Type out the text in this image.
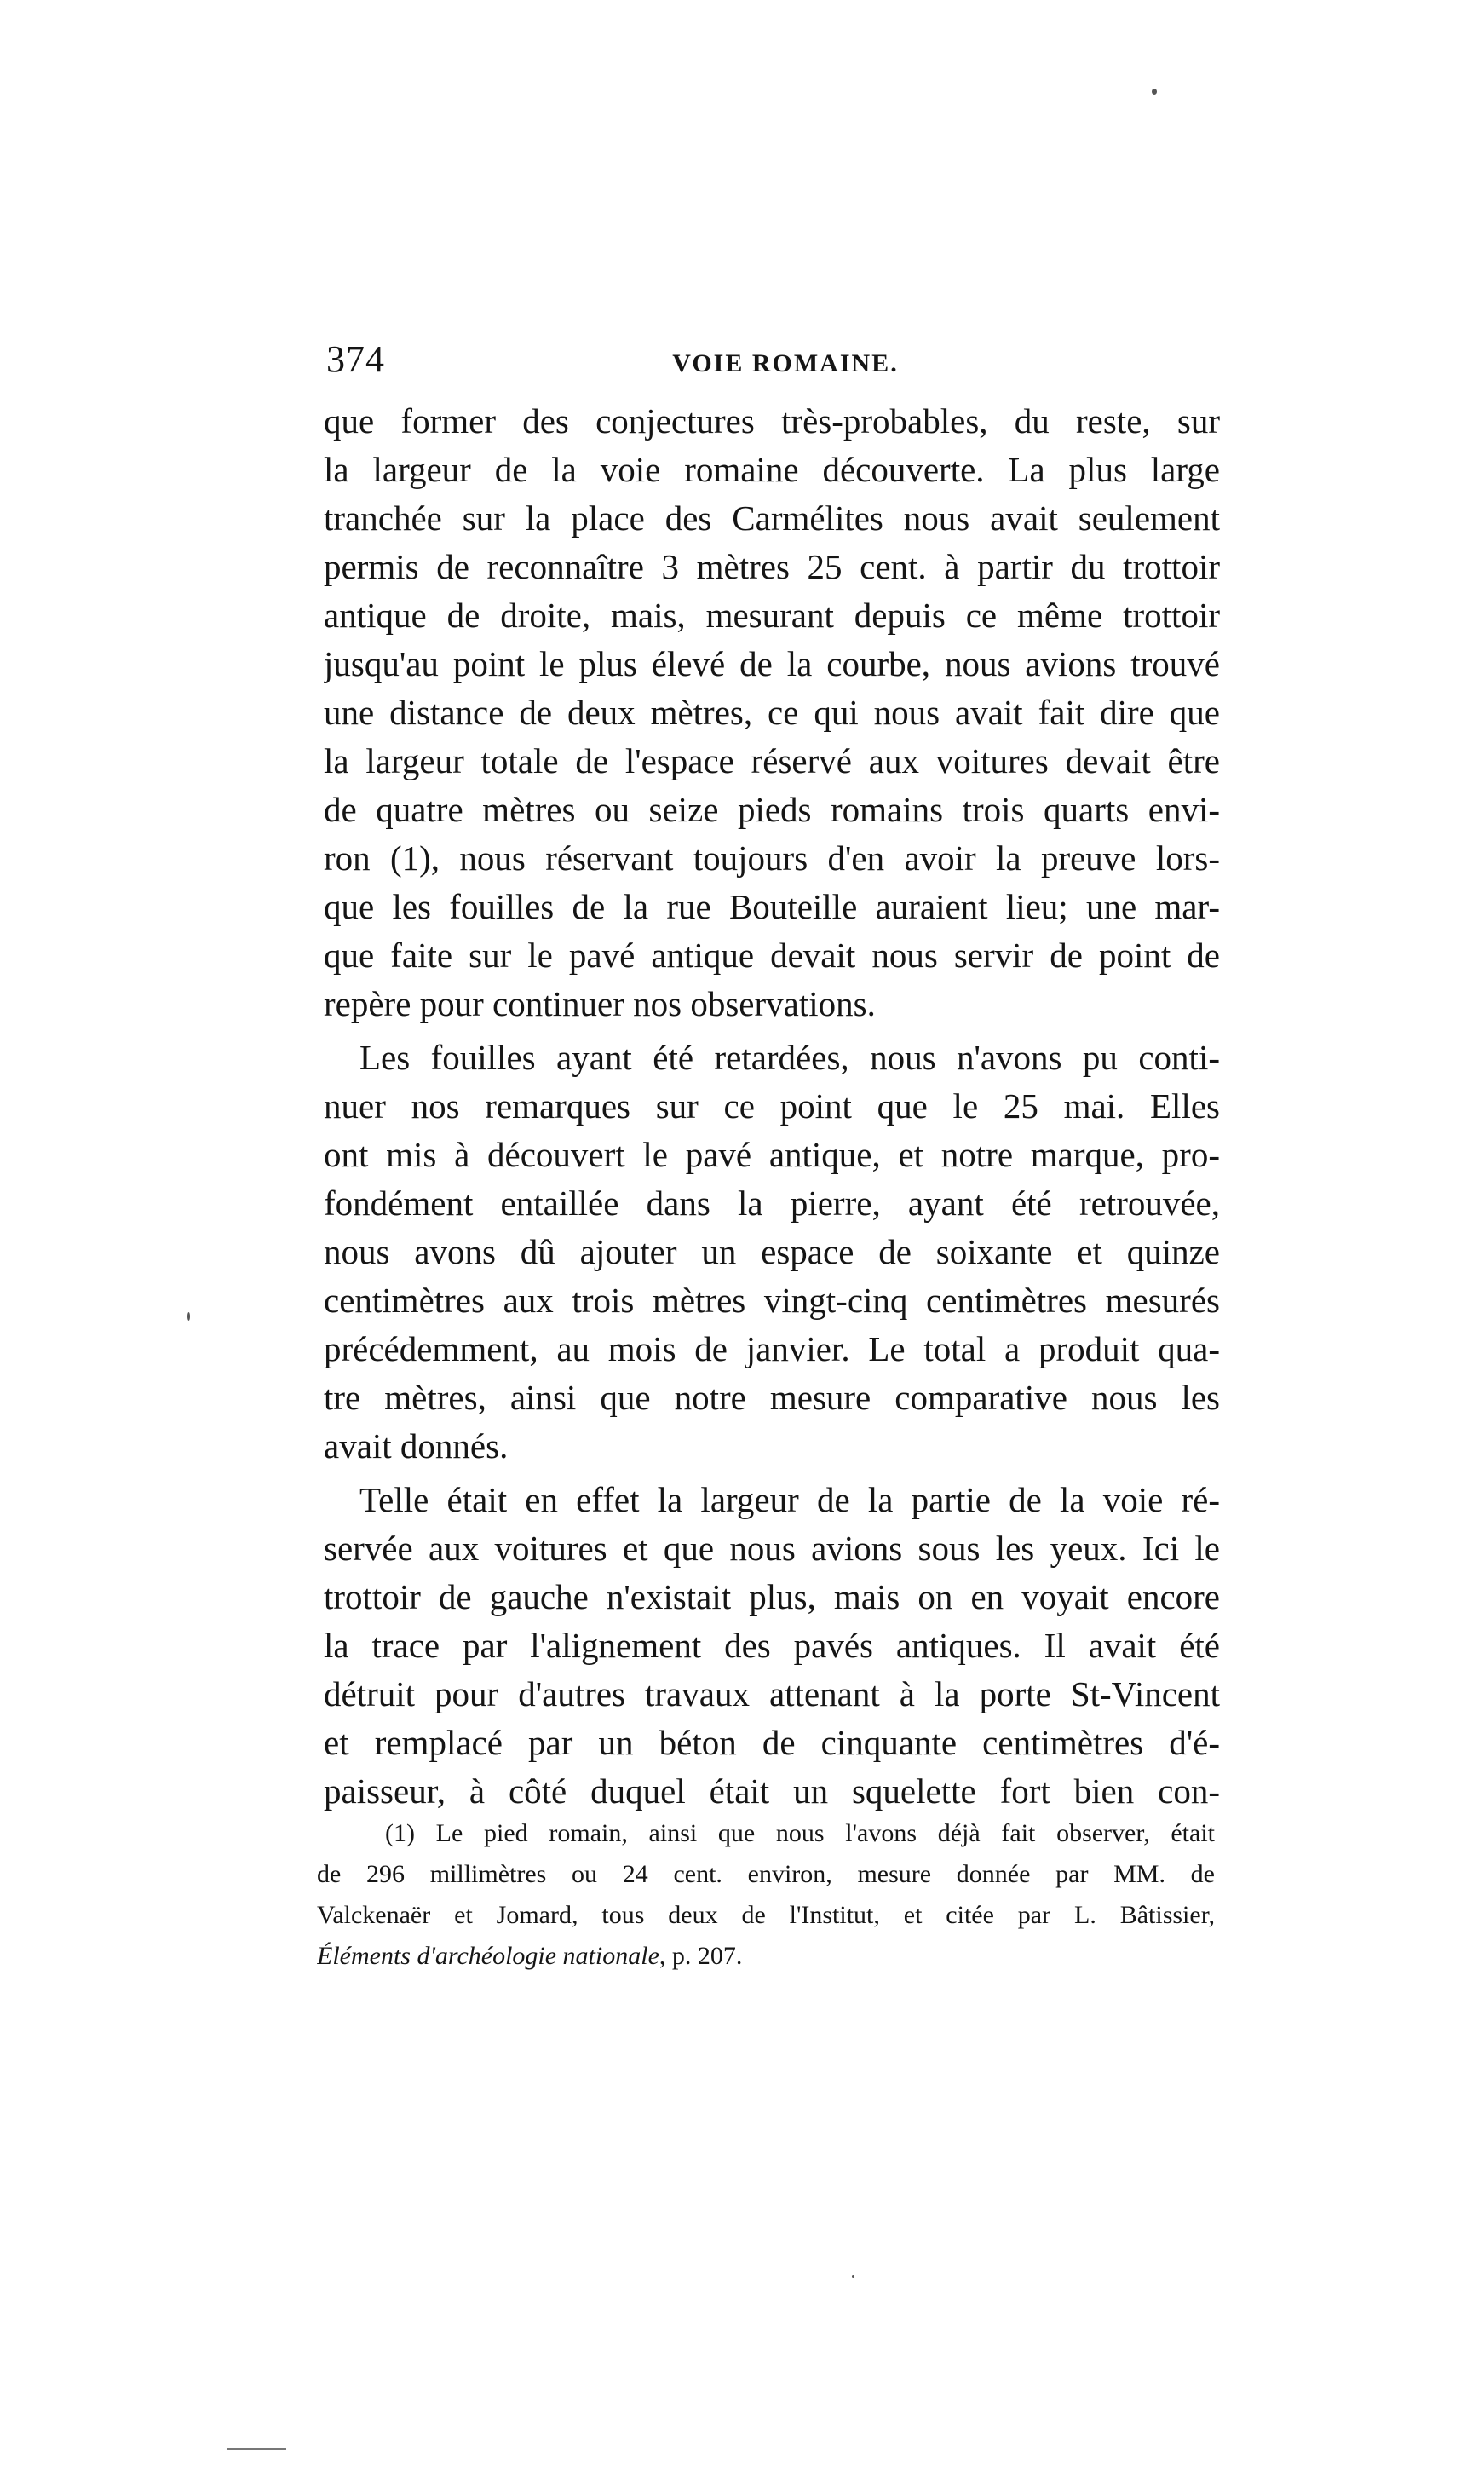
374	VOIE ROMAINE.
que former des conjectures très-probables, du reste, sur
la largeur de la voie romaine découverte. La plus large
tranchée sur la place des Carmélites nous avait seulement
permis de reconnaître 3 mètres 25 cent. à partir du trottoir
antique de droite, mais, mesurant depuis ce même trottoir
jusqu'au point le plus élevé de la courbe, nous avions trouvé
une distance de deux mètres, ce qui nous avait fait dire que
la largeur totale de l'espace réservé aux voitures devait être
de quatre mètres ou seize pieds romains trois quarts envi-
ron (1), nous réservant toujours d'en avoir la preuve lors-
que les fouilles de la rue Bouteille auraient lieu; une mar-
que faite sur le pavé antique devait nous servir de point de
repère pour continuer nos observations.
Les fouilles ayant été retardées, nous n'avons pu conti-
nuer nos remarques sur ce point que le 25 mai. Elles
ont mis à découvert le pavé antique, et notre marque, pro-
fondément entaillée dans la pierre, ayant été retrouvée,
nous avons dû ajouter un espace de soixante et quinze
centimètres aux trois mètres vingt-cinq centimètres mesurés
précédemment, au mois de janvier. Le total a produit qua-
tre mètres, ainsi que notre mesure comparative nous les
avait donnés.
Telle était en effet la largeur de la partie de la voie ré-
servée aux voitures et que nous avions sous les yeux. Ici le
trottoir de gauche n'existait plus, mais on en voyait encore
la trace par l'alignement des pavés antiques. Il avait été
détruit pour d'autres travaux attenant à la porte St-Vincent
et remplacé par un béton de cinquante centimètres d'é-
paisseur, à côté duquel était un squelette fort bien con-
(1) Le pied romain, ainsi que nous l'avons déjà fait observer, était
de 296 millimètres ou 24 cent. environ, mesure donnée par MM. de
Valckenaër et Jomard, tous deux de l'Institut, et citée par L. Bâtissier,
Éléments d'archéologie nationale, p. 207.
